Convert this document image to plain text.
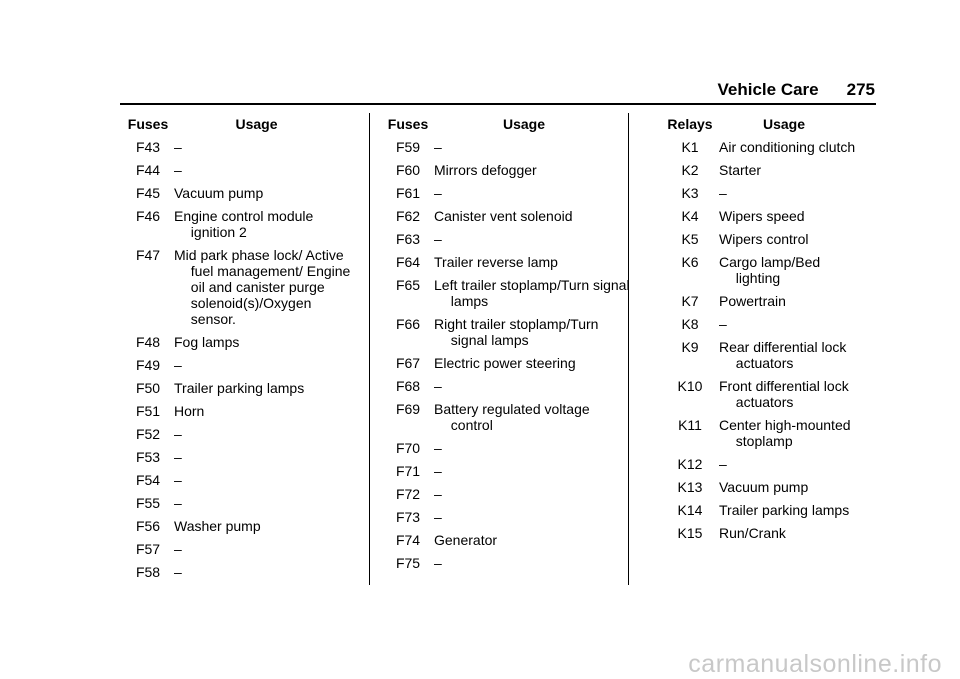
Vehicle Care 275
Fuses	Usage
F43 –
F44 –
F45 Vacuum pump
F46 Engine control module ignition 2
F47 Mid park phase lock/ Active fuel management/ Engine oil and canister purge solenoid(s)/Oxygen sensor.
F48 Fog lamps
F49 –
F50 Trailer parking lamps
F51 Horn
F52 –
F53 –
F54 –
F55 –
F56 Washer pump
F57 –
F58 –
Fuses	Usage
F59 –
F60 Mirrors defogger
F61 –
F62 Canister vent solenoid
F63 –
F64 Trailer reverse lamp
F65 Left trailer stoplamp/Turn signal lamps
F66 Right trailer stoplamp/Turn signal lamps
F67 Electric power steering
F68 –
F69 Battery regulated voltage control
F70 –
F71 –
F72 –
F73 –
F74 Generator
F75 –
Relays	Usage
K1	Air conditioning clutch
K2	Starter
K3	–
K4	Wipers speed
K5	Wipers control
K6	Cargo lamp/Bed lighting
K7	Powertrain
K8	–
K9	Rear differential lock actuators
K10	Front differential lock actuators
K11	Center high-mounted stoplamp
K12	–
K13	Vacuum pump
K14	Trailer parking lamps
K15	Run/Crank
carmanualsonline.info
